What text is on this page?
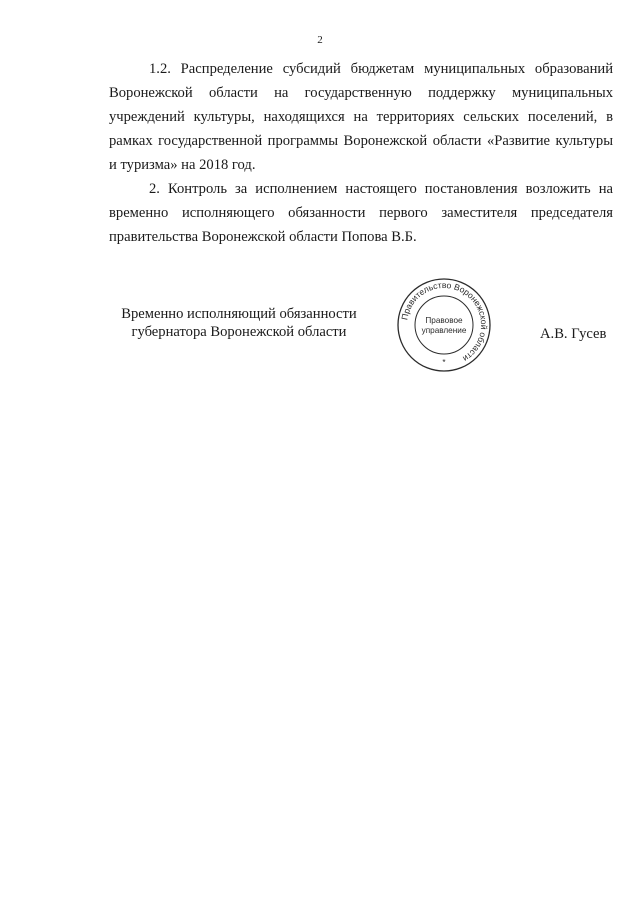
2

1.2. Распределение субсидий бюджетам муниципальных образований Воронежской области на государственную поддержку муниципальных учреждений культуры, находящихся на территориях сельских поселений, в рамках государственной программы Воронежской области «Развитие культуры и туризма» на 2018 год.

2. Контроль за исполнением настоящего постановления возложить на временно исполняющего обязанности первого заместителя председателя правительства Воронежской области Попова В.Б.

Временно исполняющий обязанности
губернатора Воронежской области
Правительство Воронежской области
Правовое
управление
*
А.В. Гусев
